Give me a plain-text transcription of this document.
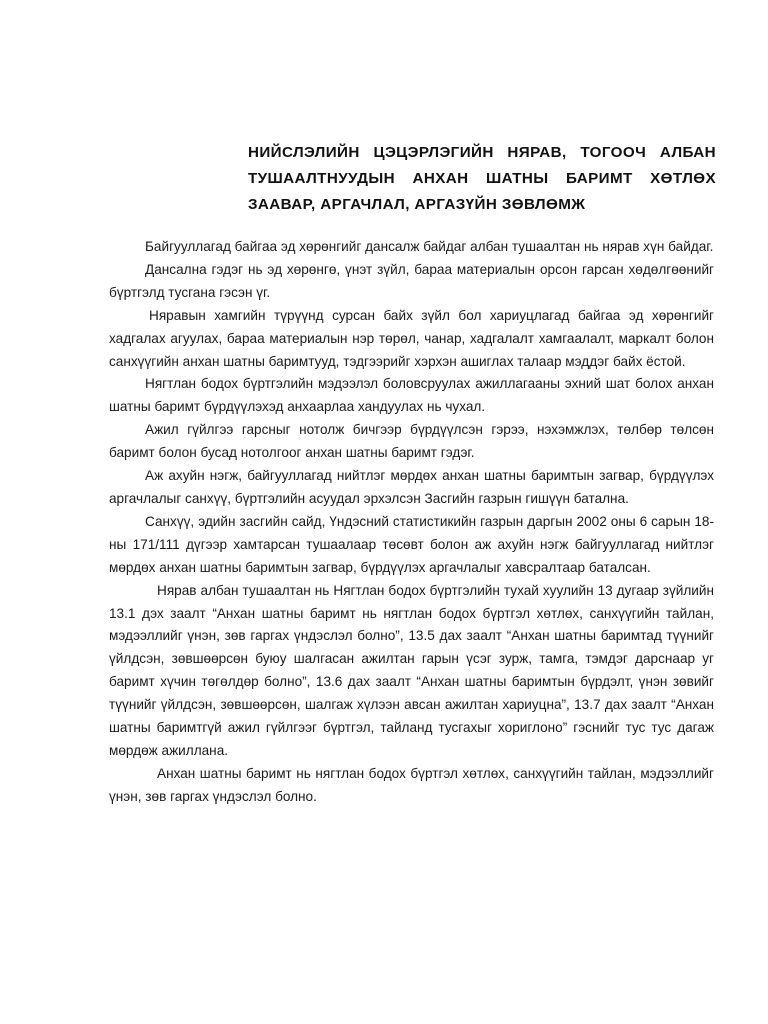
НИЙСЛЭЛИЙН ЦЭЦЭРЛЭГИЙН НЯРАВ, ТОГООЧ АЛБАН ТУШААЛТНУУДЫН АНХАН ШАТНЫ БАРИМТ ХӨТЛӨХ ЗААВАР, АРГАЧЛАЛ, АРГАЗҮЙН ЗӨВЛӨМЖ

Байгууллагад байгаа эд хөрөнгийг дансалж байдаг албан тушаалтан нь нярав хүн байдаг.

Дансална гэдэг нь эд хөрөнгө, үнэт зүйл, бараа материалын орсон гарсан хөдөлгөөнийг бүртгэлд тусгана гэсэн үг.

Няравын хамгийн түрүүнд сурсан байх зүйл бол хариуцлагад байгаа эд хөрөнгийг хадгалах агуулах, бараа материалын нэр төрөл, чанар, хадгалалт хамгаалалт, маркалт болон санхүүгийн анхан шатны баримтууд, тэдгээрийг хэрхэн ашиглах талаар мэддэг байх ёстой.

Нягтлан бодох бүртгэлийн мэдээлэл боловсруулах ажиллагааны эхний шат болох анхан шатны баримт бүрдүүлэхэд анхаарлаа хандуулах нь чухал.

Ажил гүйлгээ гарсныг нотолж бичгээр бүрдүүлсэн гэрээ, нэхэмжлэх, төлбөр төлсөн баримт болон бусад нотолгоог анхан шатны баримт гэдэг.

Аж ахуйн нэгж, байгууллагад нийтлэг мөрдөх анхан шатны баримтын загвар, бүрдүүлэх аргачлалыг санхүү, бүртгэлийн асуудал эрхэлсэн Засгийн газрын гишүүн батална.

Санхүү, эдийн засгийн сайд, Үндэсний статистикийн газрын даргын 2002 оны 6 сарын 18-ны 171/111 дүгээр хамтарсан тушаалаар төсөвт болон аж ахуйн нэгж байгууллагад нийтлэг мөрдөх анхан шатны баримтын загвар, бүрдүүлэх аргачлалыг хавсралтаар баталсан.

Нярав албан тушаалтан нь Нягтлан бодох бүртгэлийн тухай хуулийн 13 дугаар зүйлийн 13.1 дэх заалт “Анхан шатны баримт нь нягтлан бодох бүртгэл хөтлөх, санхүүгийн тайлан, мэдээллийг үнэн, зөв гаргах үндэслэл болно”, 13.5 дах заалт “Анхан шатны баримтад түүнийг үйлдсэн, зөвшөөрсөн буюу шалгасан ажилтан гарын үсэг зурж, тамга, тэмдэг дарснаар уг баримт хүчин төгөлдөр болно”, 13.6 дах заалт “Анхан шатны баримтын бүрдэлт, үнэн зөвийг түүнийг үйлдсэн, зөвшөөрсөн, шалгаж хүлээн авсан ажилтан хариуцна”, 13.7 дах заалт “Анхан шатны баримтгүй ажил гүйлгээг бүртгэл, тайланд тусгахыг хориглоно” гэснийг тус тус дагаж мөрдөж ажиллана.

Анхан шатны баримт нь нягтлан бодох бүртгэл хөтлөх, санхүүгийн тайлан, мэдээллийг үнэн, зөв гаргах үндэслэл болно.
